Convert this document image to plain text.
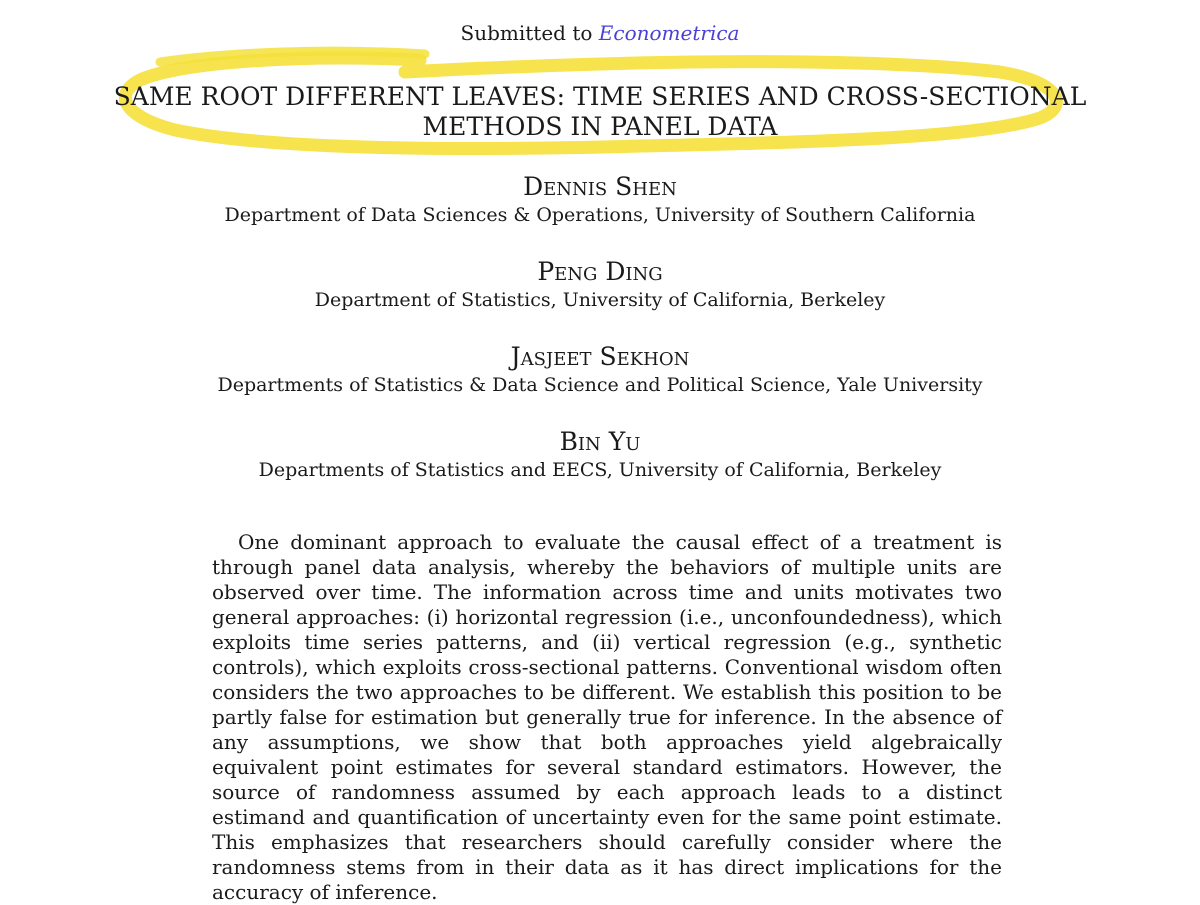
Submitted to Econometrica
SAME ROOT DIFFERENT LEAVES: TIME SERIES AND CROSS-SECTIONAL
METHODS IN PANEL DATA
Dennis Shen
Department of Data Sciences & Operations, University of Southern California
Peng Ding
Department of Statistics, University of California, Berkeley
Jasjeet Sekhon
Departments of Statistics & Data Science and Political Science, Yale University
Bin Yu
Departments of Statistics and EECS, University of California, Berkeley

One dominant approach to evaluate the causal effect of a treatment is through panel data analysis, whereby the behaviors of multiple units are observed over time. The information across time and units motivates two general approaches: (i) horizontal regression (i.e., unconfoundedness), which exploits time series patterns, and (ii) vertical regression (e.g., synthetic controls), which exploits cross-sectional patterns. Conventional wisdom often considers the two approaches to be different. We establish this position to be partly false for estimation but generally true for inference. In the absence of any assumptions, we show that both approaches yield algebraically equivalent point estimates for several standard estimators. However, the source of randomness assumed by each approach leads to a distinct estimand and quantification of uncertainty even for the same point estimate. This emphasizes that researchers should carefully consider where the randomness stems from in their data as it has direct implications for the accuracy of inference.
